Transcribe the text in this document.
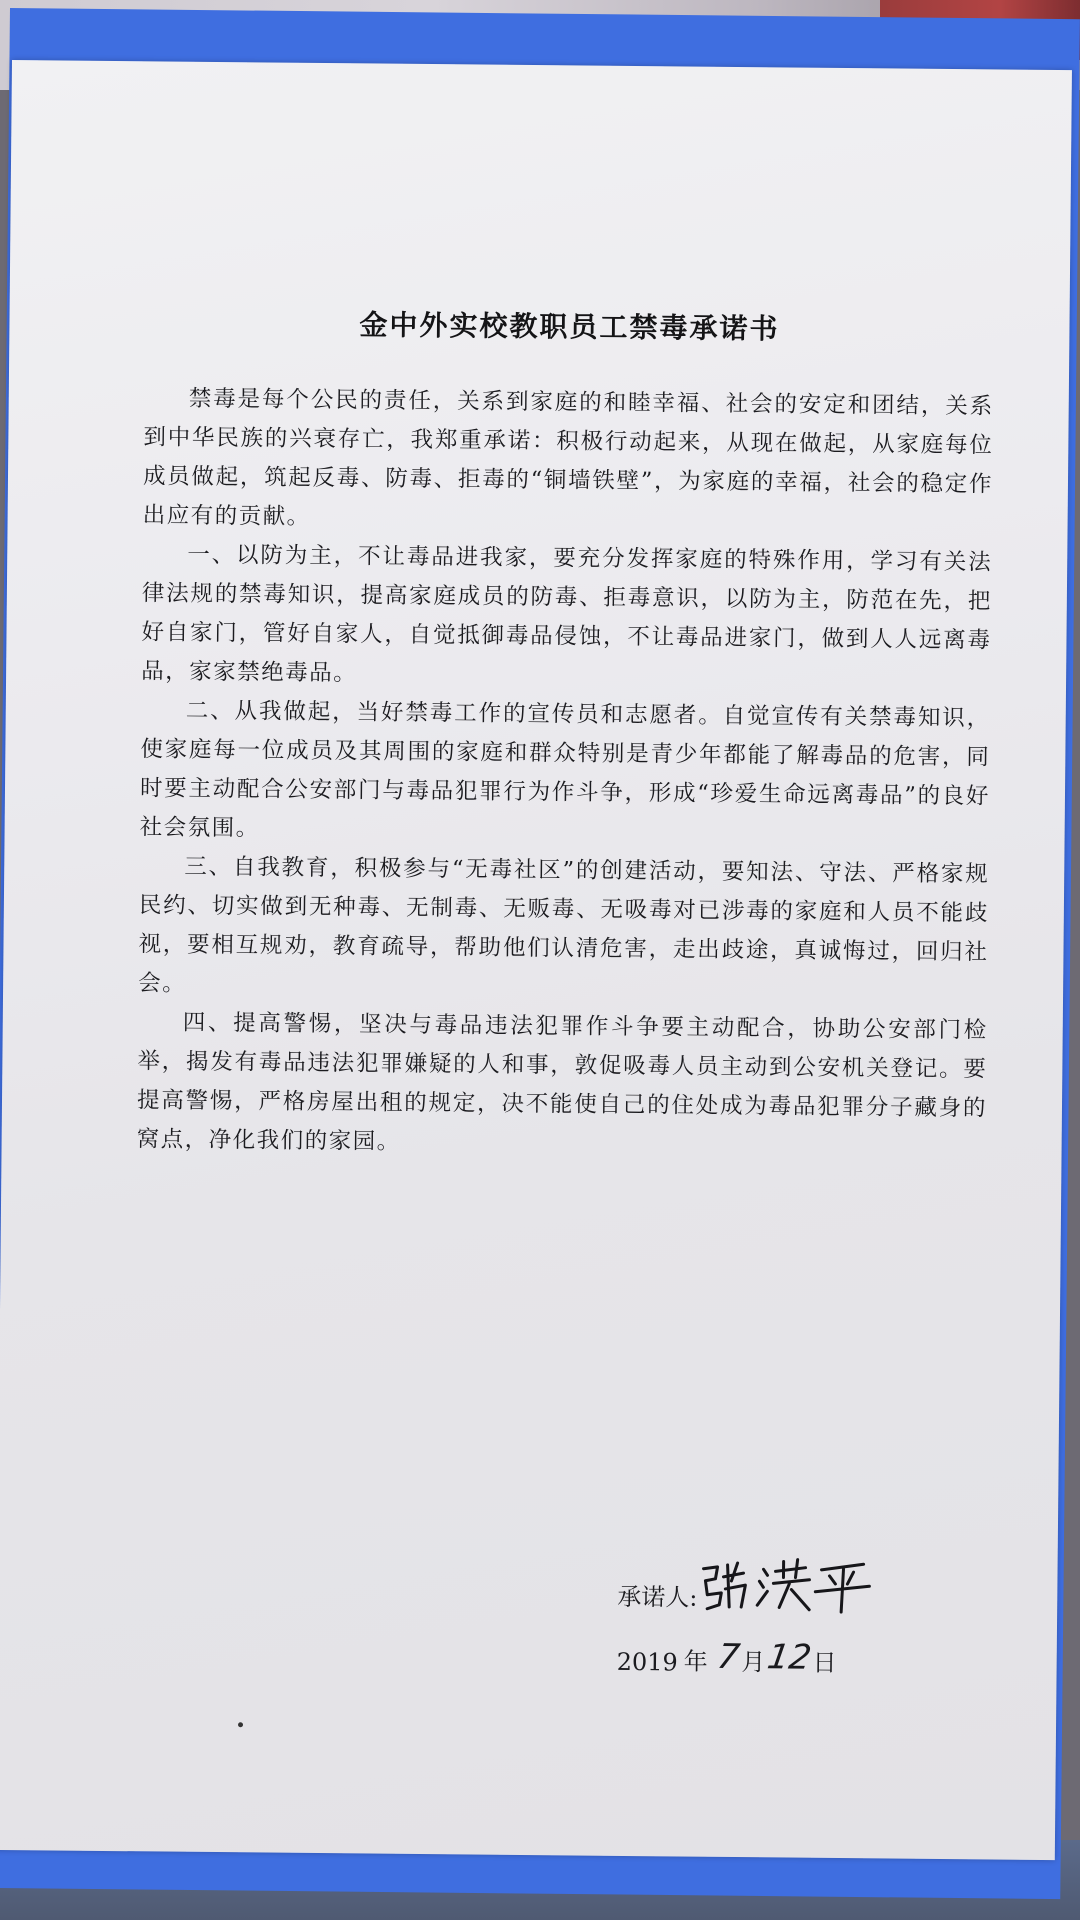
金中外实校教职员工禁毒承诺书

禁毒是每个公民的责任，关系到家庭的和睦幸福、社会的安定和团结，关系到中华民族的兴衰存亡，我郑重承诺：积极行动起来，从现在做起，从家庭每位成员做起，筑起反毒、防毒、拒毒的“铜墙铁壁”，为家庭的幸福，社会的稳定作出应有的贡献。

一、以防为主，不让毒品进我家，要充分发挥家庭的特殊作用，学习有关法律法规的禁毒知识，提高家庭成员的防毒、拒毒意识，以防为主，防范在先，把好自家门，管好自家人，自觉抵御毒品侵蚀，不让毒品进家门，做到人人远离毒品，家家禁绝毒品。

二、从我做起，当好禁毒工作的宣传员和志愿者。自觉宣传有关禁毒知识，使家庭每一位成员及其周围的家庭和群众特别是青少年都能了解毒品的危害，同时要主动配合公安部门与毒品犯罪行为作斗争，形成“珍爱生命远离毒品”的良好社会氛围。

三、自我教育，积极参与“无毒社区”的创建活动，要知法、守法、严格家规民约、切实做到无种毒、无制毒、无贩毒、无吸毒对已涉毒的家庭和人员不能歧视，要相互规劝，教育疏导，帮助他们认清危害，走出歧途，真诚悔过，回归社会。

四、提高警惕，坚决与毒品违法犯罪作斗争要主动配合，协助公安部门检举，揭发有毒品违法犯罪嫌疑的人和事，敦促吸毒人员主动到公安机关登记。要提高警惕，严格房屋出租的规定，决不能使自己的住处成为毒品犯罪分子藏身的窝点，净化我们的家园。

承诺人:
2019 年 7
月
12
日
